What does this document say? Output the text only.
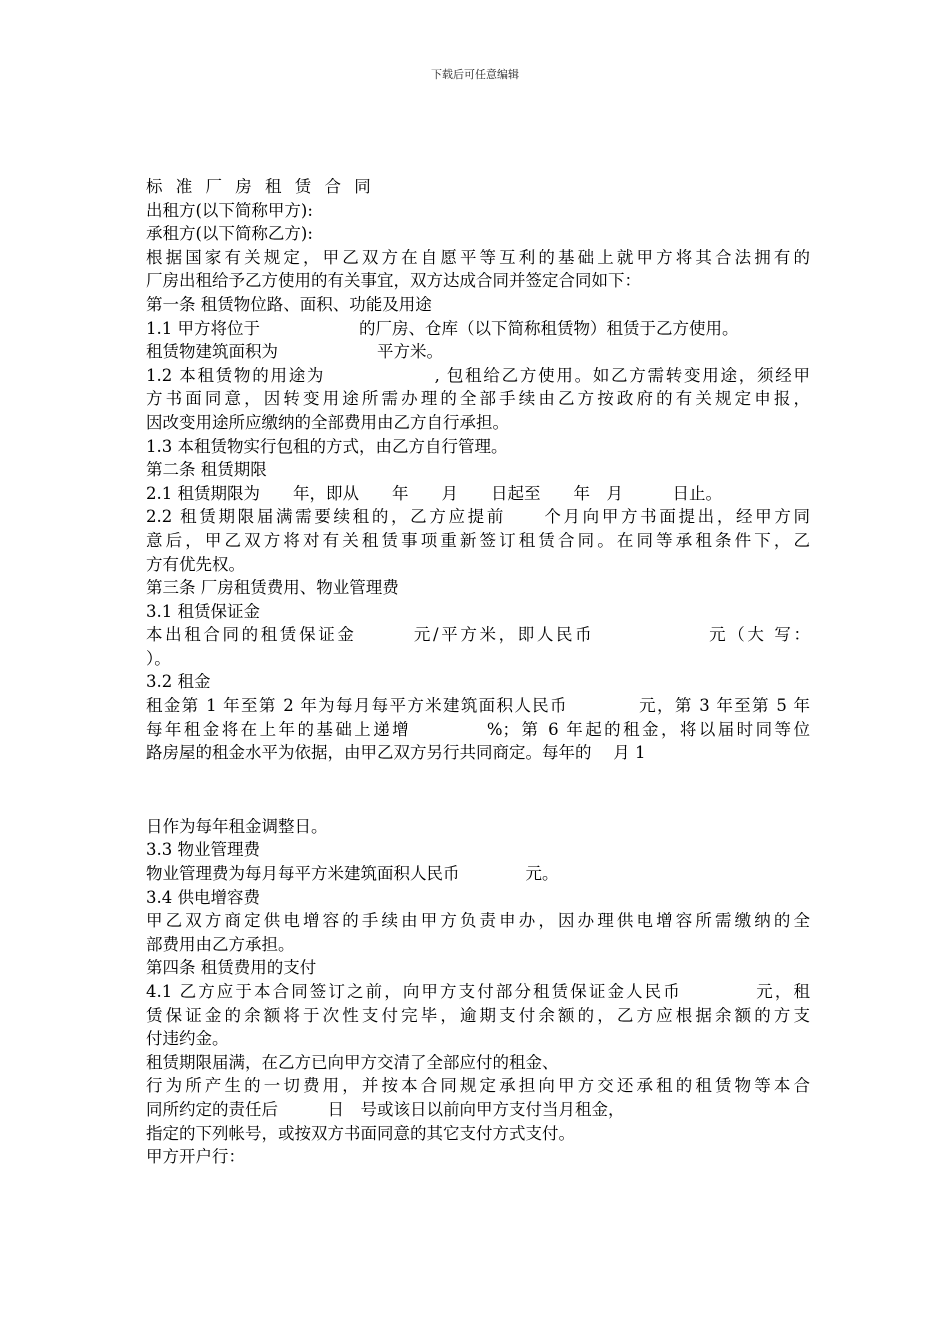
下载后可任意编辑
标 准 厂 房 租 赁 合 同
出租方(以下简称甲方):
承租方(以下简称乙方):
根据国家有关规定，甲乙双方在自愿平等互利的基础上就甲方将其合法拥有的
厂房出租给予乙方使用的有关事宜，双方达成合同并签定合同如下：
第一条 租赁物位路、面积、功能及用途
1.1 甲方将位于　　　　　　的厂房、仓库（以下简称租赁物）租赁于乙方使用。
租赁物建筑面积为　　　　　　平方米。
1.2 本租赁物的用途为　　　　　　, 包租给乙方使用。如乙方需转变用途，须经甲
方书面同意，因转变用途所需办理的全部手续由乙方按政府的有关规定申报，
因改变用途所应缴纳的全部费用由乙方自行承担。
1.3 本租赁物实行包租的方式，由乙方自行管理。
第二条 租赁期限
2.1 租赁期限为　　年，即从　　年　　月　　日起至　　年　月　　　日止。
2.2 租赁期限届满需要续租的，乙方应提前　　个月向甲方书面提出，经甲方同
意后，甲乙双方将对有关租赁事项重新签订租赁合同。在同等承租条件下，乙
方有优先权。
第三条 厂房租赁费用、物业管理费
3.1 租赁保证金
本出租合同的租赁保证金　　　元/平方米，即人民币　　　　　　元（大 写：
）。
3.2 租金
租金第 1 年至第 2 年为每月每平方米建筑面积人民币　　　　元，第 3 年至第 5 年
每年租金将在上年的基础上递增　　　　%；第 6 年起的租金，将以届时同等位
路房屋的租金水平为依据，由甲乙双方另行共同商定。每年的　 月 1
日作为每年租金调整日。
3.3 物业管理费
物业管理费为每月每平方米建筑面积人民币　　　　元。
3.4 供电增容费
甲乙双方商定供电增容的手续由甲方负责申办，因办理供电增容所需缴纳的全
部费用由乙方承担。
第四条 租赁费用的支付
4.1 乙方应于本合同签订之前，向甲方支付部分租赁保证金人民币　　　　元，租
赁保证金的余额将于次性支付完毕，逾期支付余额的，乙方应根据余额的方支
付违约金。
租赁期限届满，在乙方已向甲方交清了全部应付的租金、
行为所产生的一切费用，并按本合同规定承担向甲方交还承租的租赁物等本合
同所约定的责任后　　　日　号或该日以前向甲方支付当月租金，
指定的下列帐号，或按双方书面同意的其它支付方式支付。
甲方开户行：
